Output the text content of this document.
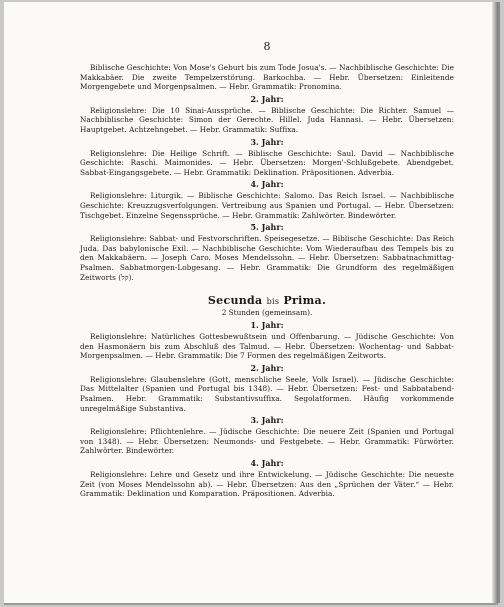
8

Biblische Geschichte: Von Mose's Geburt bis zum Tode Josua's. — Nachbiblische Geschichte: Die Makkabäer. Die zweite Tempelzerstörung. Barkochba. — Hebr. Übersetzen: Einleitende Morgengebete und Morgenpsalmen. — Hebr. Grammatik: Pronomina.

2. Jahr:

Religionslehre: Die 10 Sinai-Aussprüche. — Biblische Geschichte: Die Richter. Samuel — Nachbiblische Geschichte: Simon der Gerechte. Hillel. Juda Hannasi. — Hebr. Übersetzen: Hauptgebet. Achtzehngebet. — Hebr. Grammatik: Suffixa.

3. Jahr:

Religionslehre: Die Heilige Schrift. — Biblische Geschichte: Saul. David — Nachbiblische Geschichte: Raschi. Maimonides. — Hebr. Übersetzen: Morgen'-Schlußgebete. Abendgebet. Sabbat-Eingangsgebete. — Hebr. Grammatik: Deklination. Präpositionen. Adverbia.

4. Jahr:

Religionslehre: Liturgik. — Biblische Geschichte: Salomo. Das Reich Israel. — Nachbiblische Geschichte: Kreuzzugsverfolgungen. Vertreibung aus Spanien und Portugal. — Hebr. Übersetzen: Tischgebet. Einzelne Segenssprüche. — Hebr. Grammatik: Zahlwörter. Bindewörter.

5. Jahr:

Religionslehre: Sabbat- und Festvorschriften. Speisegesetze. — Biblische Geschichte: Das Reich Juda. Das babylonische Exil. — Nachbiblische Geschichte: Vom Wiederaufbau des Tempels bis zu den Makkabäern. — Joseph Caro. Moses Mendelssohn. — Hebr. Übersetzen: Sabbatnachmittag-Psalmen. Sabbatmorgen-Lobgesang. — Hebr. Grammatik: Die Grundform des regelmäßigen Zeitworts (קל).

Secunda bis Prima.
2 Stunden (gemeinsam).
1. Jahr:

Religionslehre: Natürliches Gottesbewußtsein und Offenbarung. — Jüdische Geschichte: Von den Hasmonäern bis zum Abschluß des Talmud. — Hebr. Übersetzen: Wochentag- und Sabbat-Morgenpsalmen. — Hebr. Grammatik: Die 7 Formen des regelmäßigen Zeitworts.

2. Jahr:

Religionslehre: Glaubenslehre (Gott, menschliche Seele, Volk Israel). — Jüdische Geschichte: Das Mittelalter (Spanien und Portugal bis 1348). — Hebr. Übersetzen: Fest- und Sabbatabend-Psalmen. Hebr. Grammatik: Substantivsuffixa. Segolatformen. Häufig vorkommende unregelmäßige Substantiva.

3. Jahr:

Religionslehre: Pflichtenlehre. — Jüdische Geschichte: Die neuere Zeit (Spanien und Portugal von 1348). — Hebr. Übersetzen: Neumonds- und Festgebete. — Hebr. Grammatik: Fürwörter. Zahlwörter. Bindewörter.

4. Jahr:

Religionslehre: Lehre und Gesetz und ihre Entwickelung. — Jüdische Geschichte: Die neueste Zeit (von Moses Mendelssohn ab). — Hebr. Übersetzen: Aus den „Sprüchen der Väter.“ — Hebr. Grammatik: Deklination und Komparation. Präpositionen. Adverbia.
